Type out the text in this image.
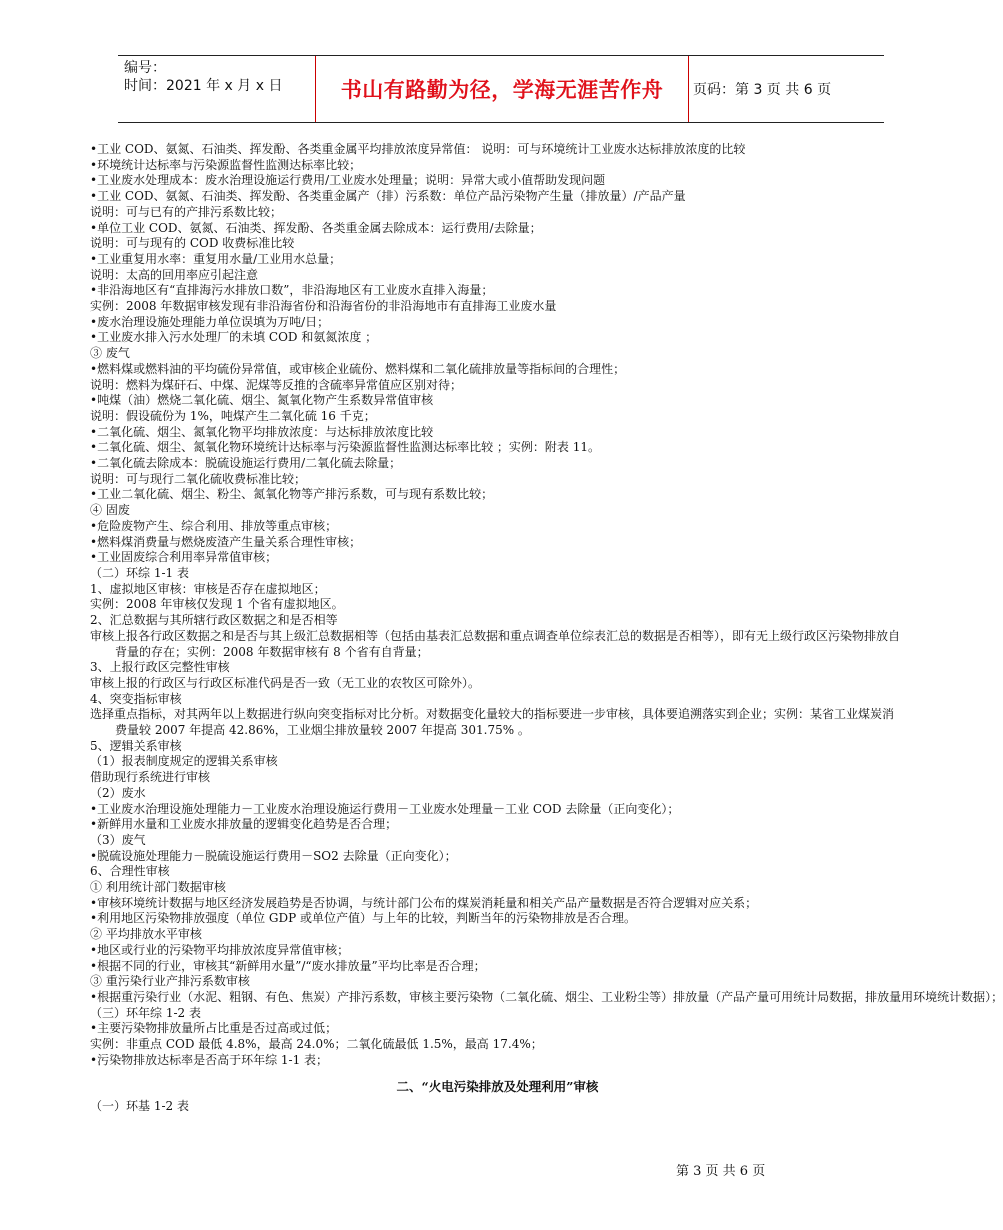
编号：
时间：2021 年 x 月 x 日	书山有路勤为径，学海无涯苦作舟 页码：第 3 页 共 6 页
•工业 COD、氨氮、石油类、挥发酚、各类重金属平均排放浓度异常值： 说明：可与环境统计工业废水达标排放浓度的比较
•环境统计达标率与污染源监督性监测达标率比较；
•工业废水处理成本：废水治理设施运行费用/工业废水处理量；说明：异常大或小值帮助发现问题
•工业 COD、氨氮、石油类、挥发酚、各类重金属产（排）污系数：单位产品污染物产生量（排放量）/产品产量
说明：可与已有的产排污系数比较；
•单位工业 COD、氨氮、石油类、挥发酚、各类重金属去除成本：运行费用/去除量；
说明：可与现有的 COD 收费标准比较
•工业重复用水率：重复用水量/工业用水总量；
说明：太高的回用率应引起注意
•非沿海地区有“直排海污水排放口数”，非沿海地区有工业废水直排入海量；
实例：2008 年数据审核发现有非沿海省份和沿海省份的非沿海地市有直排海工业废水量
•废水治理设施处理能力单位误填为万吨/日；
•工业废水排入污水处理厂的未填 COD 和氨氮浓度 ；
③ 废气
•燃料煤或燃料油的平均硫份异常值，或审核企业硫份、燃料煤和二氧化硫排放量等指标间的合理性；
说明：燃料为煤矸石、中煤、泥煤等反推的含硫率异常值应区别对待；
•吨煤（油）燃烧二氧化硫、烟尘、氮氧化物产生系数异常值审核
说明：假设硫份为 1%，吨煤产生二氧化硫 16 千克；
•二氧化硫、烟尘、氮氧化物平均排放浓度：与达标排放浓度比较
•二氧化硫、烟尘、氮氧化物环境统计达标率与污染源监督性监测达标率比较 ；实例：附表 11。
•二氧化硫去除成本：脱硫设施运行费用/二氧化硫去除量；
说明：可与现行二氧化硫收费标准比较；
•工业二氧化硫、烟尘、粉尘、氮氧化物等产排污系数，可与现有系数比较；
④ 固废
•危险废物产生、综合利用、排放等重点审核；
•燃料煤消费量与燃烧废渣产生量关系合理性审核；
•工业固废综合利用率异常值审核；
（二）环综 1-1 表
1、虚拟地区审核：审核是否存在虚拟地区；
实例：2008 年审核仅发现 1 个省有虚拟地区。
2、汇总数据与其所辖行政区数据之和是否相等
审核上报各行政区数据之和是否与其上级汇总数据相等（包括由基表汇总数据和重点调查单位综表汇总的数据是否相等），即有无上级行政区污染物排放自背量的存在；实例：2008 年数据审核有 8 个省有自背量；
3、上报行政区完整性审核
审核上报的行政区与行政区标准代码是否一致（无工业的农牧区可除外）。
4、突变指标审核
选择重点指标，对其两年以上数据进行纵向突变指标对比分析。对数据变化量较大的指标要进一步审核，具体要追溯落实到企业；实例：某省工业煤炭消费量较 2007 年提高 42.86%，工业烟尘排放量较 2007 年提高 301.75% 。
5、逻辑关系审核
（1）报表制度规定的逻辑关系审核
借助现行系统进行审核
（2）废水
•工业废水治理设施处理能力－工业废水治理设施运行费用－工业废水处理量－工业 COD 去除量（正向变化）；
•新鲜用水量和工业废水排放量的逻辑变化趋势是否合理；
（3）废气
•脱硫设施处理能力－脱硫设施运行费用－SO2 去除量（正向变化）；
6、合理性审核
① 利用统计部门数据审核
•审核环境统计数据与地区经济发展趋势是否协调，与统计部门公布的煤炭消耗量和相关产品产量数据是否符合逻辑对应关系；
•利用地区污染物排放强度（单位 GDP 或单位产值）与上年的比较，判断当年的污染物排放是否合理。
② 平均排放水平审核
•地区或行业的污染物平均排放浓度异常值审核；
•根据不同的行业，审核其“新鲜用水量”/“废水排放量”平均比率是否合理；
③ 重污染行业产排污系数审核
•根据重污染行业（水泥、粗钢、有色、焦炭）产排污系数，审核主要污染物（二氧化硫、烟尘、工业粉尘等）排放量（产品产量可用统计局数据，排放量用环境统计数据）；
（三）环年综 1-2 表
•主要污染物排放量所占比重是否过高或过低；
实例：非重点 COD 最低 4.8%，最高 24.0%；二氧化硫最低 1.5%，最高 17.4%；
•污染物排放达标率是否高于环年综 1-1 表；
二、“火电污染排放及处理利用”审核
（一）环基 1-2 表
第 3 页 共 6 页
